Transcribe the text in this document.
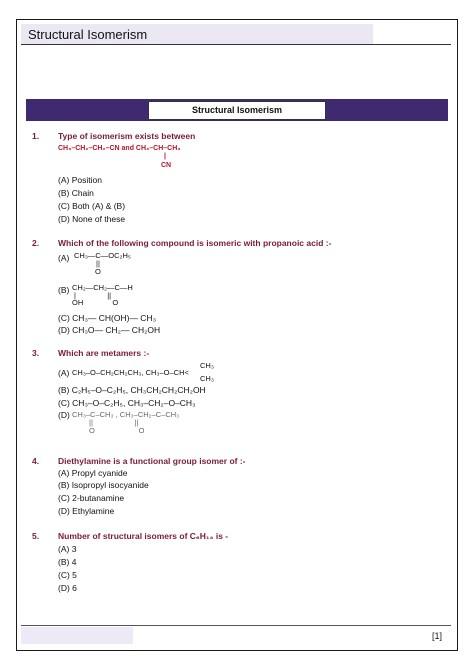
Structural Isomerism
Structural Isomerism
1. Type of isomerism exists between
CH₃–CH₂–CH₂–CN and CH₃–CH–CH₃
|
CN
(A) Position
(B) Chain
(C) Both (A) & (B)
(D) None of these
2. Which of the following compound is isomeric with propanoic acid :-
(A) CH₃—C—OC₂H₅
||
O
(B) CH₂—CH₂—C—H
|               ||
OH              O
(C) CH₃— CH(OH)— CH₃
(D) CH₃O— CH₂— CH₂OH
3. Which are metamers :-
(A) CH₃–O–CH₂CH₂CH₃, CH₃–O–CH<
CH₃
CH₃
(B) C₂H₅–O–C₂H₅, CH₃CH₂CH₂CH₂OH
(C) CH₃–O–C₂H₅, CH₃–CH₂–O–CH₃
(D) CH₃–C–CH₃ , CH₃–CH₂–C–CH₃
||                    ||
O                     O
4. Diethylamine is a functional group isomer of :-
(A) Propyl cyanide
(B) Isopropyl isocyanide
(C) 2-butanamine
(D) Ethylamine
5. Number of structural isomers of C₆H₁₄ is -
(A) 3
(B) 4
(C) 5
(D) 6
[1]
